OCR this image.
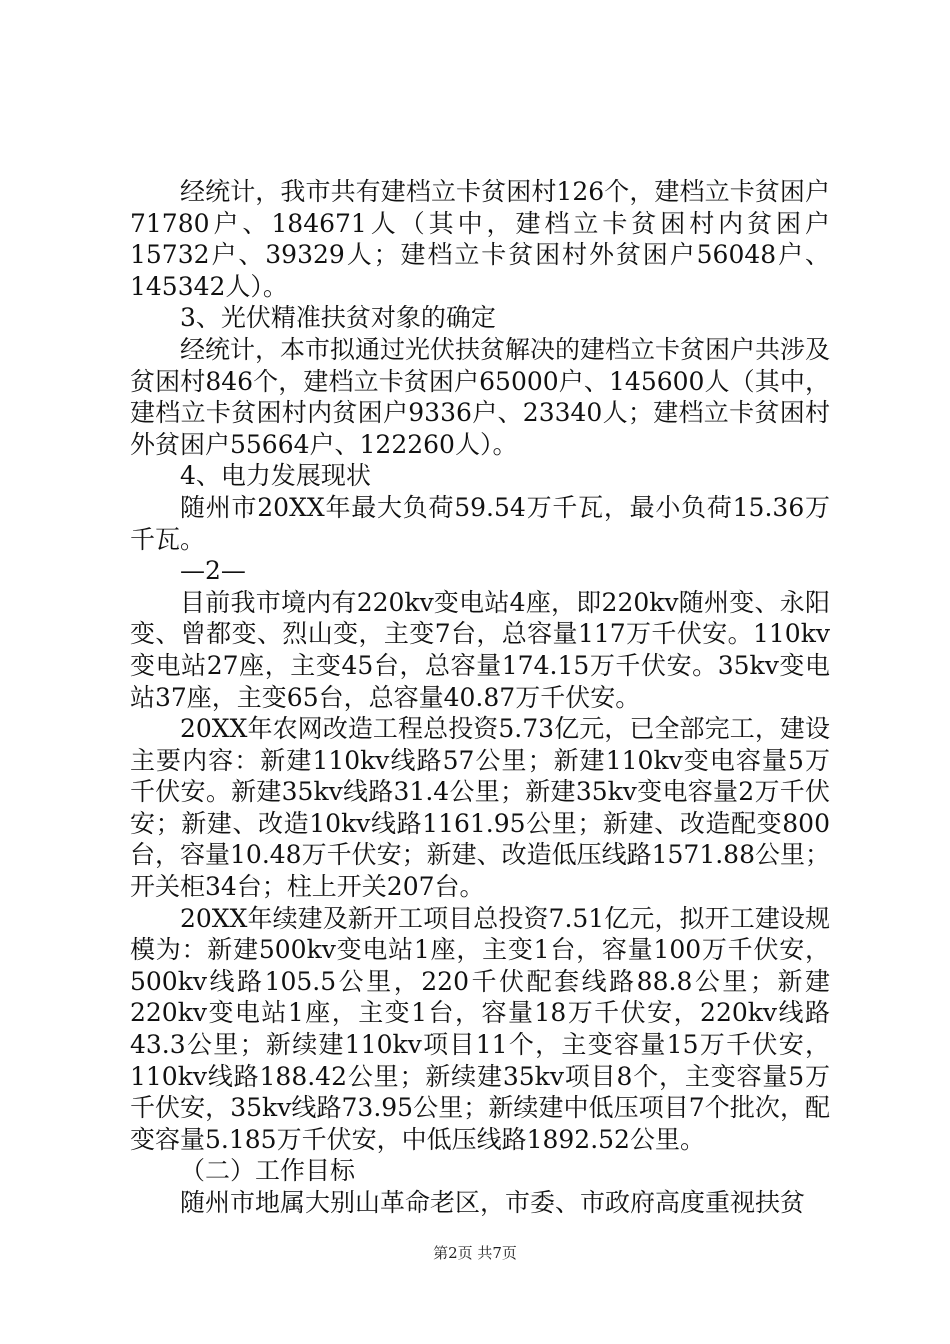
经统计，我市共有建档立卡贫困村126个，建档立卡贫困户71780户、184671人（其中，建档立卡贫困村内贫困户15732户、39329人；建档立卡贫困村外贫困户56048户、145342人）。

3、光伏精准扶贫对象的确定

经统计，本市拟通过光伏扶贫解决的建档立卡贫困户共涉及贫困村846个，建档立卡贫困户65000户、145600人（其中，建档立卡贫困村内贫困户9336户、23340人；建档立卡贫困村外贫困户55664户、122260人）。

4、电力发展现状

随州市20XX年最大负荷59.54万千瓦，最小负荷15.36万千瓦。

—2—

目前我市境内有220kv变电站4座，即220kv随州变、永阳变、曾都变、烈山变，主变7台，总容量117万千伏安。110kv变电站27座，主变45台，总容量174.15万千伏安。35kv变电站37座，主变65台，总容量40.87万千伏安。

20XX年农网改造工程总投资5.73亿元，已全部完工，建设主要内容：新建110kv线路57公里；新建110kv变电容量5万千伏安。新建35kv线路31.4公里；新建35kv变电容量2万千伏安；新建、改造10kv线路1161.95公里；新建、改造配变800台，容量10.48万千伏安；新建、改造低压线路1571.88公里；开关柜34台；柱上开关207台。

20XX年续建及新开工项目总投资7.51亿元，拟开工建设规模为：新建500kv变电站1座，主变1台，容量100万千伏安，500kv线路105.5公里，220千伏配套线路88.8公里；新建220kv变电站1座，主变1台，容量18万千伏安，220kv线路43.3公里；新续建110kv项目11个，主变容量15万千伏安，110kv线路188.42公里；新续建35kv项目8个，主变容量5万千伏安，35kv线路73.95公里；新续建中低压项目7个批次，配变容量5.185万千伏安，中低压线路1892.52公里。

（二）工作目标

随州市地属大别山革命老区，市委、市政府高度重视扶贫

第2页 共7页
